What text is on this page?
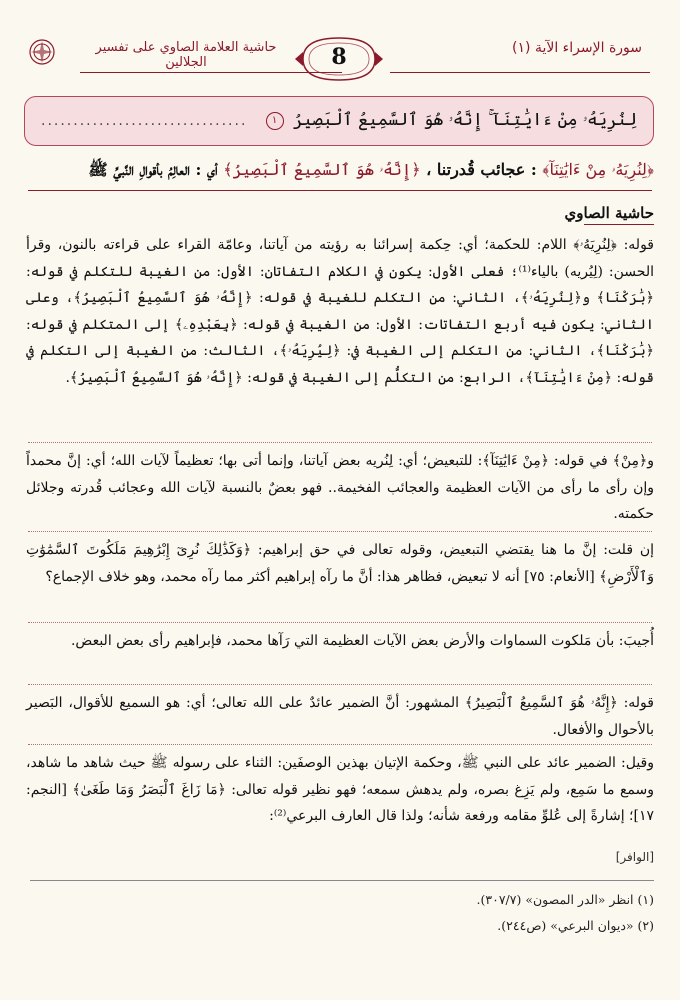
حاشية العلامة الصاوي على تفسير الجلالين	8	سورة الإسراء الآية (١)
لِنُرِيَهُۥ مِنْ ءَايَٰتِنَآ ۚ إِنَّهُۥ هُوَ ٱلسَّمِيعُ ٱلْبَصِيرُ ١
................................
﴿لِنُرِيَهُۥ مِنْ ءَايَٰتِنَآ﴾ : عجائب قُدرتنا ، ﴿إِنَّهُۥ هُوَ ٱلسَّمِيعُ ٱلْبَصِيرُ﴾ أي : العالِمُ بأقوالِ النَّبيِّ ﷺ
حاشية الصاوي
قوله: ﴿لِنُرِيَهُۥ﴾ اللام: للحكمة؛ أي: حِكمة إسرائنا به رؤيته من آياتنا، وعامّة القراء على قراءته بالنون، وقرأ الحسن: (لِيُريه) بالياء⁽¹⁾؛ فعلى الأول: يكون في الكلام التفاتان: الأول: من الغيبة للتكلم في قوله: ﴿بَٰرَكْنَا﴾ و﴿لِنُرِيَهُۥ﴾، الثاني: من التكلم للغيبة في قوله: ﴿إِنَّهُۥ هُوَ ٱلسَّمِيعُ ٱلْبَصِيرُ﴾، وعلى الثاني: يكون فيه أربع التفاتات: الأول: من الغيبة في قوله: ﴿بِعَبْدِهِۦ﴾ إلى المتكلم في قوله: ﴿بَٰرَكْنَا﴾، الثاني: من التكلم إلى الغيبة في: ﴿لِيُرِيَهُۥ﴾، الثالث: من الغيبة إلى التكلم في قوله: ﴿مِنْ ءَايَٰتِنَآ﴾، الرابع: من التكلُّم إلى الغيبة في قوله: ﴿إِنَّهُۥ هُوَ ٱلسَّمِيعُ ٱلْبَصِيرُ﴾.
و﴿مِنْ﴾ في قوله: ﴿مِنْ ءَايَٰتِنَآ﴾: للتبعيض؛ أي: لِنُريه بعض آياتنا، وإنما أتى بها؛ تعظيماً لآيات الله؛ أي: إنَّ محمداً وإن رأى ما رأى من الآيات العظيمة والعجائب الفخيمة.. فهو بعضٌ بالنسبة لآيات الله وعجائب قُدرته وجلائل حكمته.
إن قلت: إنَّ ما هنا يقتضي التبعيض، وقوله تعالى في حق إبراهيم: ﴿وَكَذَٰلِكَ نُرِىٓ إِبْرَٰهِيمَ مَلَكُوتَ ٱلسَّمَٰوَٰتِ وَٱلْأَرْضِ﴾ [الأنعام: ٧٥] أنه لا تبعيض، فظاهر هذا: أنَّ ما رآه إبراهيم أكثر مما رآه محمد، وهو خلاف الإجماع؟
أُجيبَ: بأن مَلكوت السماوات والأرض بعض الآيات العظيمة التي رَآها محمد، فإبراهيم رأى بعض البعض.
قوله: ﴿إِنَّهُۥ هُوَ ٱلسَّمِيعُ ٱلْبَصِيرُ﴾ المشهور: أنَّ الضمير عائدٌ على الله تعالى؛ أي: هو السميع للأقوال، البَصير بالأحوال والأفعال.
وقيل: الضمير عائد على النبي ﷺ، وحكمة الإتيان بهذين الوصفَين: الثناء على رسوله ﷺ حيث شاهد ما شاهد، وسمع ما سَمِع، ولم يَزِغ بصره، ولم يدهش سمعه؛ فهو نظير قوله تعالى: ﴿مَا زَاغَ ٱلْبَصَرُ وَمَا طَغَىٰ﴾ [النجم: ١٧]؛ إشارةً إلى عُلوِّ مقامه ورفعة شأنه؛ ولذا قال العارف البرعي⁽²⁾:
[الوافر]
(١) انظر «الدر المصون» (٣٠٧/٧).
(٢) «ديوان البرعي» (ص٢٤٤).
